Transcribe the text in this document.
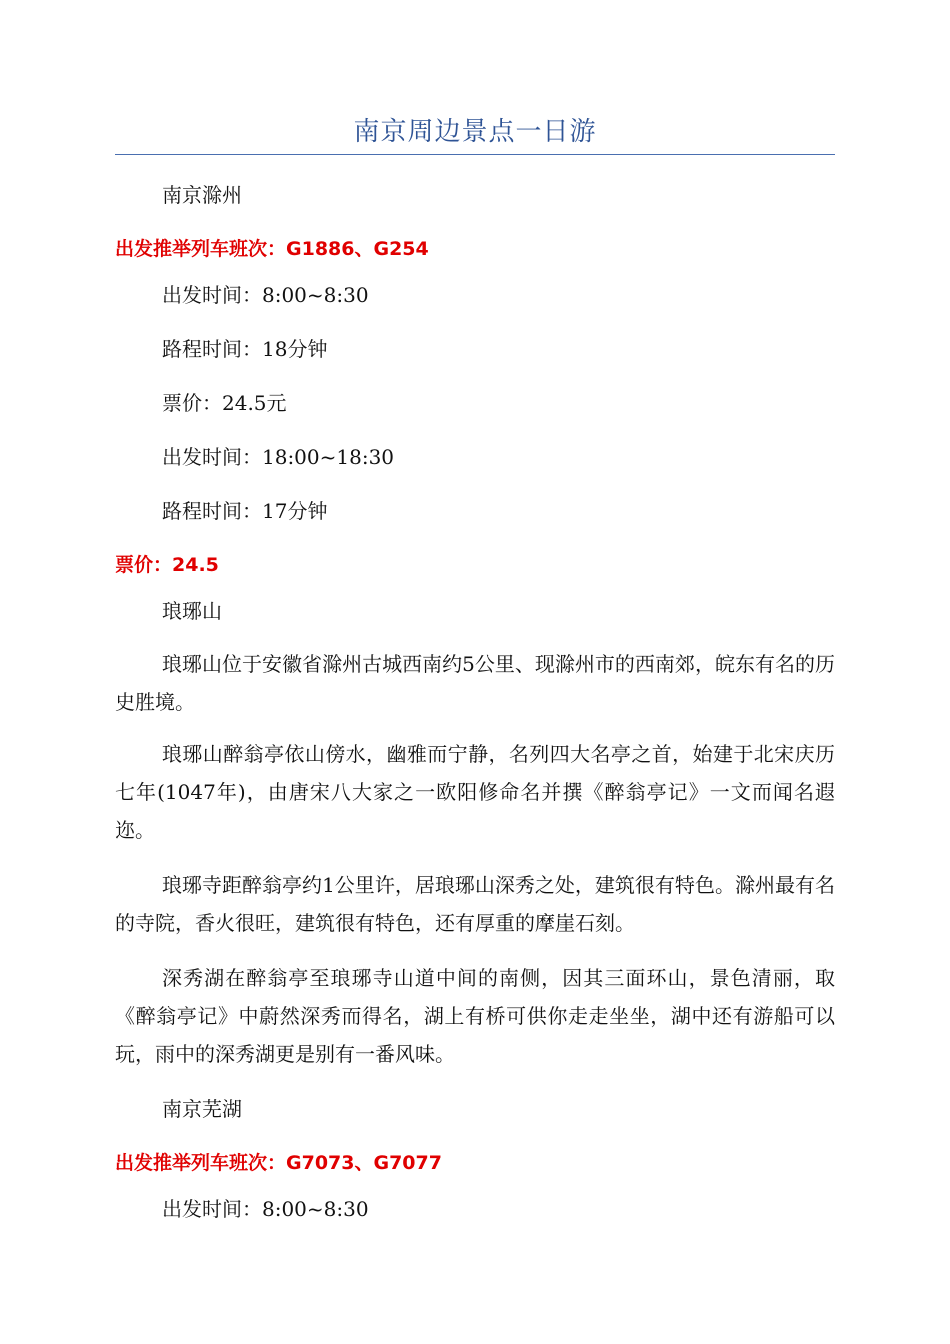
南京周边景点一日游

南京滁州

出发推举列车班次：G1886、G254

出发时间：8:00~8:30

路程时间：18分钟

票价：24.5元

出发时间：18:00~18:30

路程时间：17分钟

票价：24.5

琅琊山

琅琊山位于安徽省滁州古城西南约5公里、现滁州市的西南郊，皖东有名的历史胜境。

琅琊山醉翁亭依山傍水，幽雅而宁静，名列四大名亭之首，始建于北宋庆历七年(1047年)，由唐宋八大家之一欧阳修命名并撰《醉翁亭记》一文而闻名遐迩。

琅琊寺距醉翁亭约1公里许，居琅琊山深秀之处，建筑很有特色。滁州最有名的寺院，香火很旺，建筑很有特色，还有厚重的摩崖石刻。

深秀湖在醉翁亭至琅琊寺山道中间的南侧，因其三面环山，景色清丽，取《醉翁亭记》中蔚然深秀而得名，湖上有桥可供你走走坐坐，湖中还有游船可以玩，雨中的深秀湖更是别有一番风味。

南京芜湖

出发推举列车班次：G7073、G7077

出发时间：8:00~8:30
